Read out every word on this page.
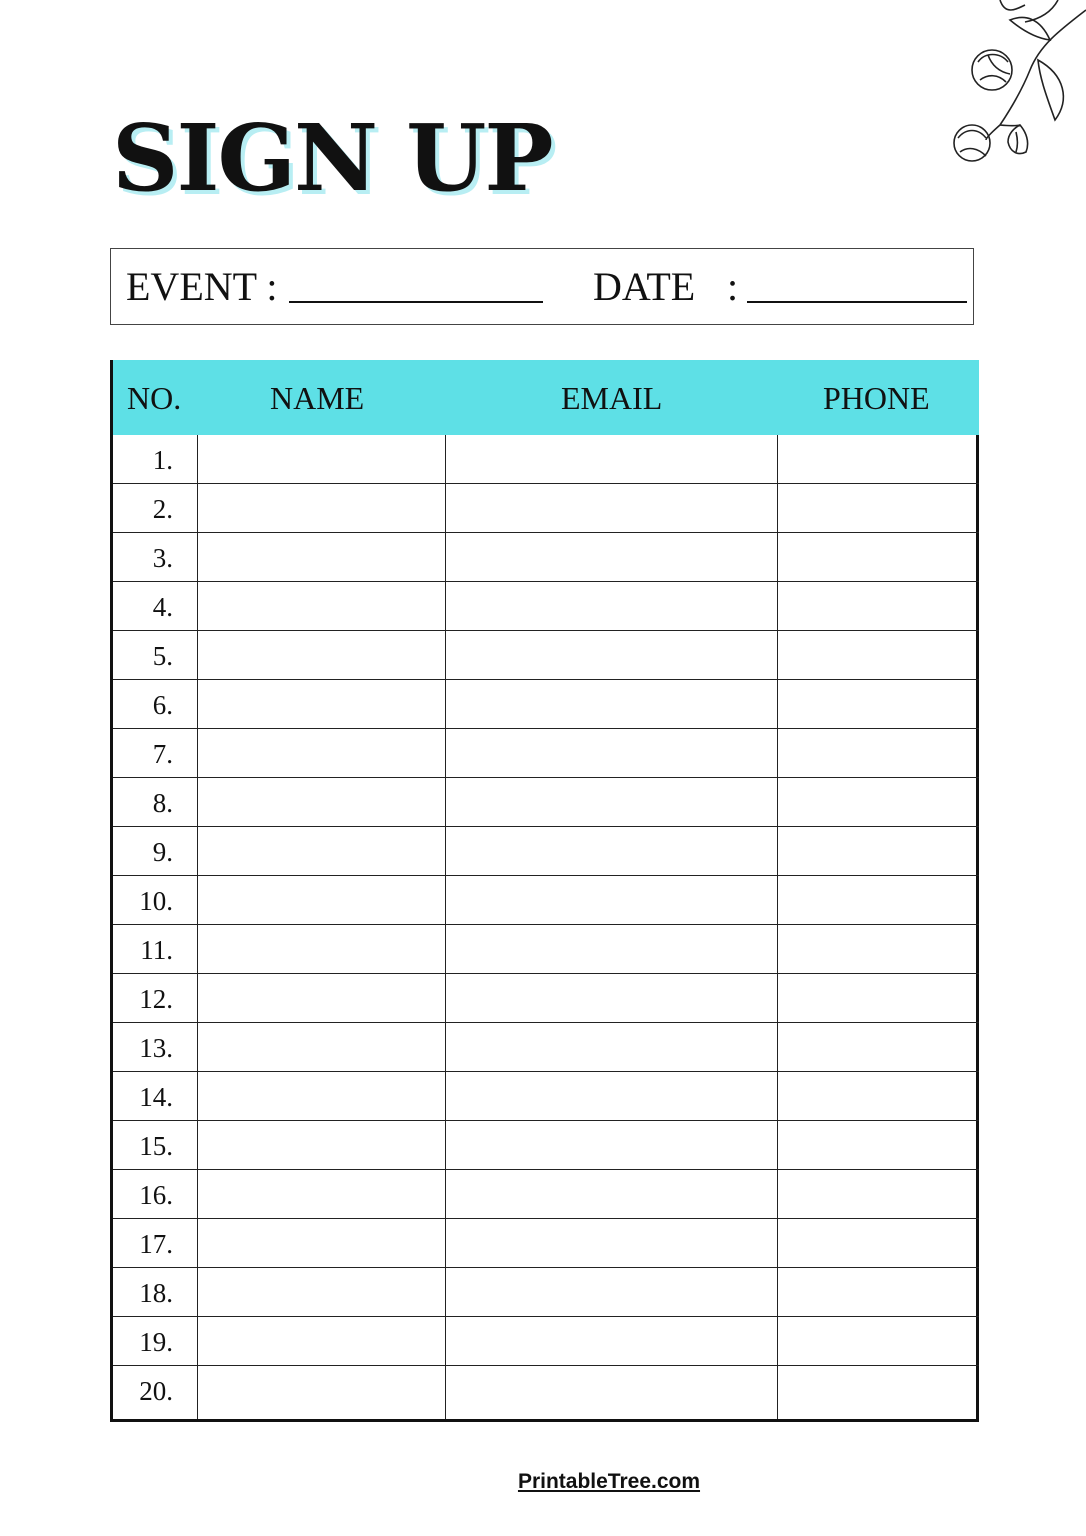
SIGN UP
EVENT :	DATE :
NO.	NAME	EMAIL	PHONE
1.
2.
3.
4.
5.
6.
7.
8.
9.
10.
11.
12.
13.
14.
15.
16.
17.
18.
19.
20.
PrintableTree.com
